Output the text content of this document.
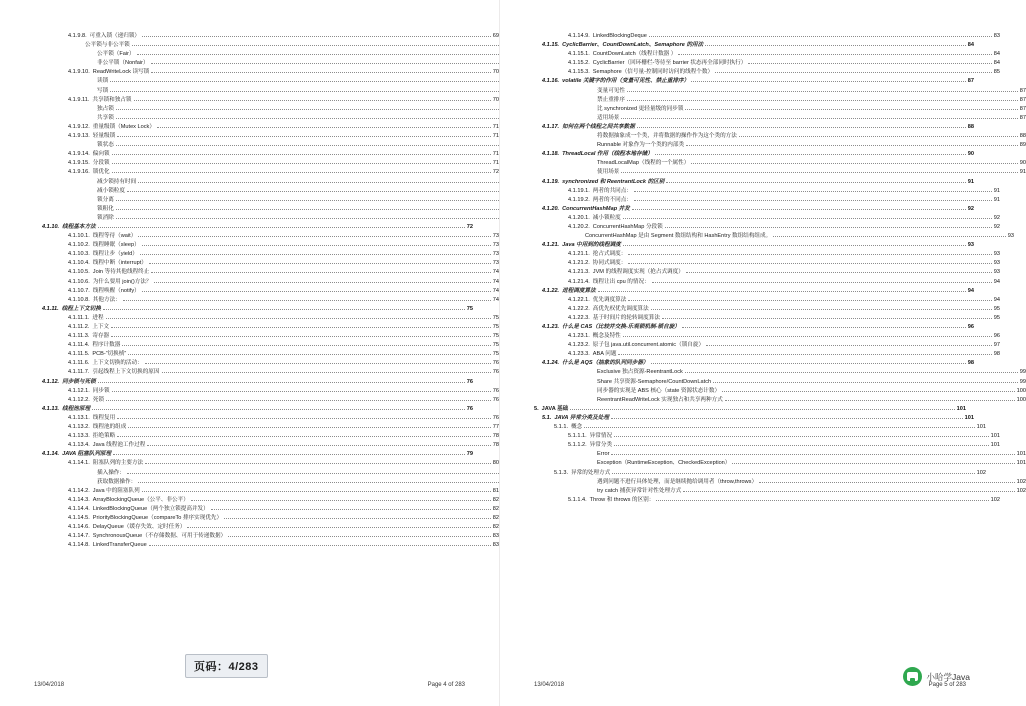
4.1.9.8. 可重入锁（递归锁）	69
公平锁与非公平锁
公平锁（Fair）
非公平锁（Nonfair）
4.1.9.10. ReadWriteLock 读写锁	70
读锁
写锁
4.1.9.11. 共享锁和独占锁	70
独占锁
共享锁
4.1.9.12. 重量级锁（Mutex Lock）	71
4.1.9.13. 轻量级锁	71
锁状态
4.1.9.14. 偏向锁	71
4.1.9.15. 分段锁	71
4.1.9.16. 锁优化	72
减少锁持有时间
减小锁粒度
锁分离
锁粗化
锁消除
4.1.10. 线程基本方法	72
4.1.10.1. 线程等待（wait）	73
4.1.10.2. 线程睡眠（sleep）	73
4.1.10.3. 线程让步（yield）	73
4.1.10.4. 线程中断（interrupt）	73
4.1.10.5. Join 等待其他线程终止	74
4.1.10.6. 为什么要用 join()方法？	74
4.1.10.7. 线程唤醒（notify）	74
4.1.10.8. 其他方法：	74
4.1.11. 线程上下文切换	75
4.1.11.1. 进程	75
4.1.11.2. 上下文	75
4.1.11.3. 寄存器	75
4.1.11.4. 程序计数器	75
4.1.11.5. PCB-“切换桢”	75
4.1.11.6. 上下文切换的活动：	76
4.1.11.7. 引起线程上下文切换的原因	76
4.1.12. 同步锁与死锁	76
4.1.12.1. 同步锁	76
4.1.12.2. 死锁	76
4.1.13. 线程池原理	76
4.1.13.1. 线程复用	76
4.1.13.2. 线程池的组成	77
4.1.13.3. 拒绝策略	78
4.1.13.4. Java 线程池工作过程	78
4.1.14. JAVA 阻塞队列原理	79
4.1.14.1. 阻塞队列的主要方法	80
插入操作：
获取数据操作：
4.1.14.2. Java 中的阻塞队列	81
4.1.14.3. ArrayBlockingQueue（公平、非公平）	82
4.1.14.4. LinkedBlockingQueue（两个独立锁提高并发）	82
4.1.14.5. PriorityBlockingQueue（compareTo 排序实现优先）	82
4.1.14.6. DelayQueue（缓存失效、定时任务）	82
4.1.14.7. SynchronousQueue（不存储数据、可用于传递数据）	83
4.1.14.8. LinkedTransferQueue	83
13/04/2018	Page 4 of 283
页码：4/283
4.1.14.9. LinkedBlockingDeque	83
4.1.15. CyclicBarrier、CountDownLatch、Semaphore 的用法	84
4.1.15.1. CountDownLatch（线程计数器 ）	84
4.1.15.2. CyclicBarrier（回环栅栏-等待至 barrier 状态再全部同时执行）	84
4.1.15.3. Semaphore（信号量-控制同时访问的线程个数）	85
4.1.16. volatile 关键字的作用（变量可见性、禁止重排序）	87
变量可见性	87
禁止重排序	87
比 synchronized 更轻量级的同步锁	87
适用场景	87
4.1.17. 如何在两个线程之间共享数据	88
将数据抽象成一个类，并将数据的操作作为这个类的方法	88
Runnable 对象作为一个类的内部类	89
4.1.18. ThreadLocal 作用（线程本地存储）	90
ThreadLocalMap（线程的一个属性）	90
使用场景	91
4.1.19. synchronized 和 ReentrantLock 的区别	91
4.1.19.1. 两者的共同点：	91
4.1.19.2. 两者的不同点：	91
4.1.20. ConcurrentHashMap 并发	92
4.1.20.1. 减小锁粒度	92
4.1.20.2. ConcurrentHashMap 分段锁	92
ConcurrentHashMap 是由 Segment 数组结构和 HashEntry 数组结构组成。	93
4.1.21. Java 中用到的线程调度	93
4.1.21.1. 抢占式调度：	93
4.1.21.2. 协同式调度：	93
4.1.21.3. JVM 的线程调度实现（抢占式调度）	93
4.1.21.4. 线程让出 cpu 的情况：	94
4.1.22. 进程调度算法	94
4.1.22.1. 优先调度算法	94
4.1.22.2. 高优先权优先调度算法	95
4.1.22.3. 基于时间片的轮转调度算法	95
4.1.23. 什么是 CAS（比较并交换-乐观锁机制-锁自旋）	96
4.1.23.1. 概念及特性	96
4.1.23.2. 原子包 java.util.concurrent.atomic（锁自旋）	97
4.1.23.3. ABA 问题	98
4.1.24. 什么是 AQS（抽象的队列同步器）	98
Exclusive 独占资源-ReentrantLock	99
Share 共享资源-Semaphore/CountDownLatch	99
同步器的实现是 ABS 核心（state 资源状态计数）	100
ReentrantReadWriteLock 实现独占和共享两种方式	100
5. JAVA 基础	101
5.1. JAVA 异常分类及处理	101
5.1.1. 概念	101
5.1.1.1. 异常情况	101
5.1.1.2. 异常分类	101
Error	101
Exception（RuntimeException、CheckedException）	101
5.1.3. 异常的处理方式	102
遇到问题不进行具体处理，而是继续抛给调用者（throw,throws）	102
try catch 捕获异常针对性处理方式	102
5.1.1.4. Throw 和 throws 的区别：	102
13/04/2018	Page 5 of 283
小哈学Java
